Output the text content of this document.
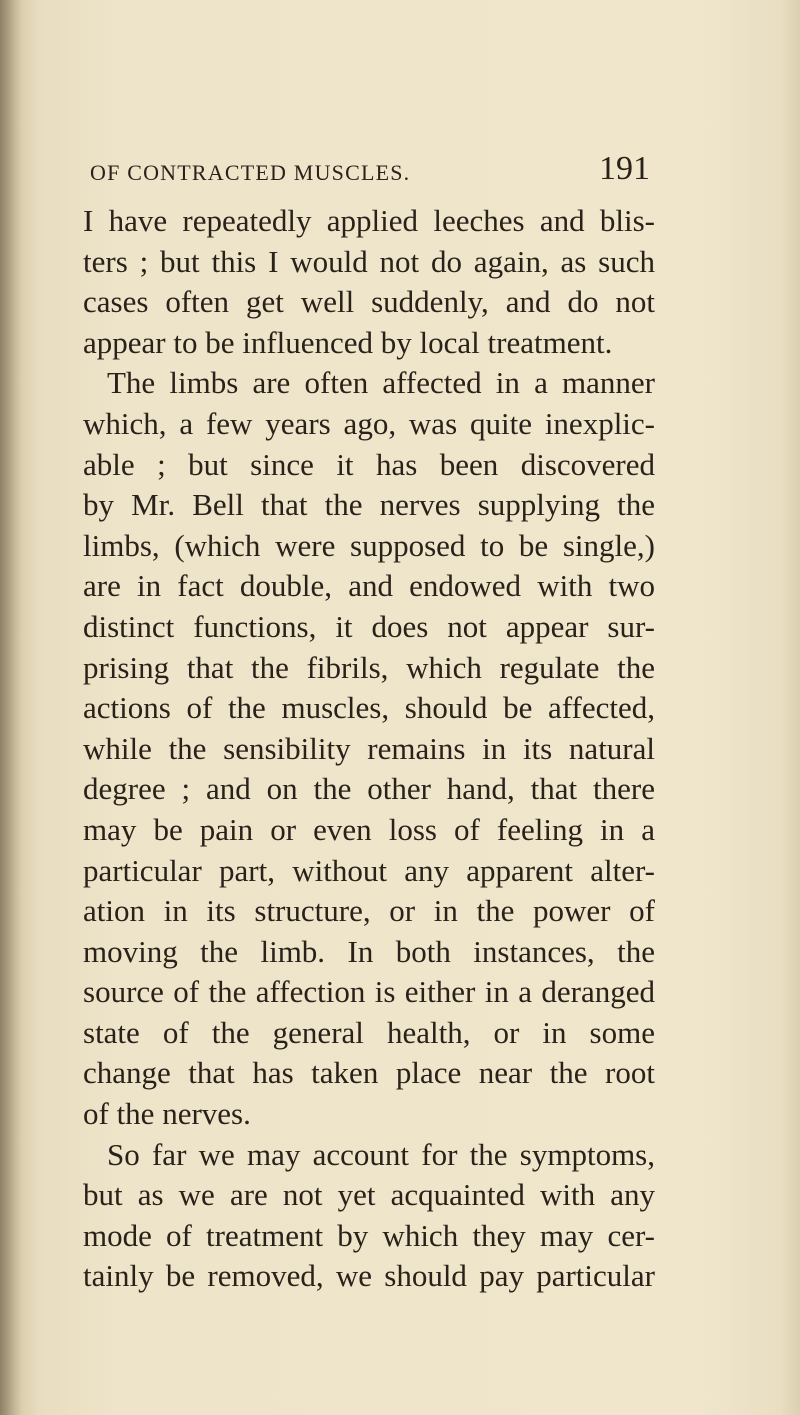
OF CONTRACTED MUSCLES.	191
I have repeatedly applied leeches and blis-
ters ; but this I would not do again, as such
cases often get well suddenly, and do not
appear to be influenced by local treatment.
The limbs are often affected in a manner
which, a few years ago, was quite inexplic-
able ; but since it has been discovered
by Mr. Bell that the nerves supplying the
limbs, (which were supposed to be single,)
are in fact double, and endowed with two
distinct functions, it does not appear sur-
prising that the fibrils, which regulate the
actions of the muscles, should be affected,
while the sensibility remains in its natural
degree ; and on the other hand, that there
may be pain or even loss of feeling in a
particular part, without any apparent alter-
ation in its structure, or in the power of
moving the limb. In both instances, the
source of the affection is either in a deranged
state of the general health, or in some
change that has taken place near the root
of the nerves.
So far we may account for the symptoms,
but as we are not yet acquainted with any
mode of treatment by which they may cer-
tainly be removed, we should pay particular
